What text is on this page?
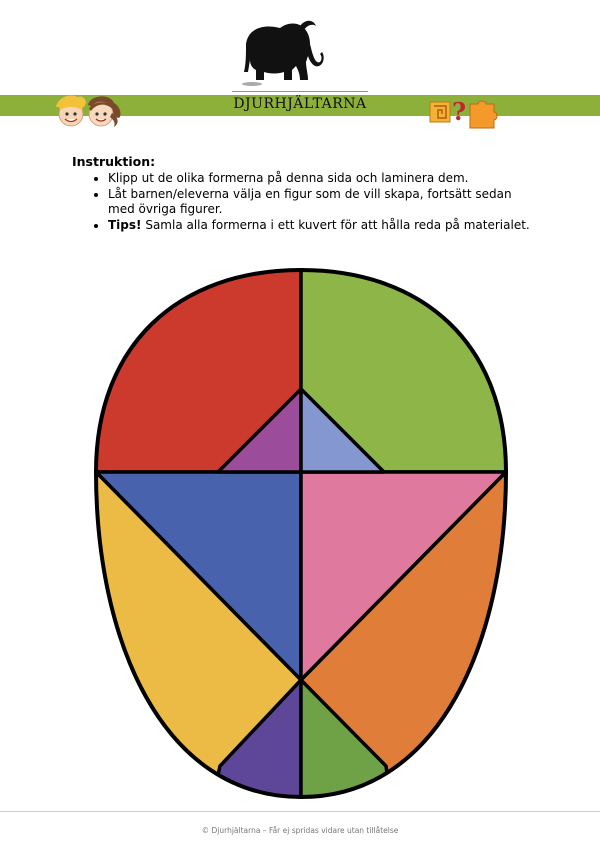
DJURHJÄLTARNA	?
Instruktion:
• Klipp ut de olika formerna på denna sida och laminera dem.
• Låt barnen/eleverna välja en figur som de vill skapa, fortsätt sedan med övriga figurer.
• Tips! Samla alla formerna i ett kuvert för att hålla reda på materialet.
© Djurhjältarna – Får ej spridas vidare utan tillåtelse
